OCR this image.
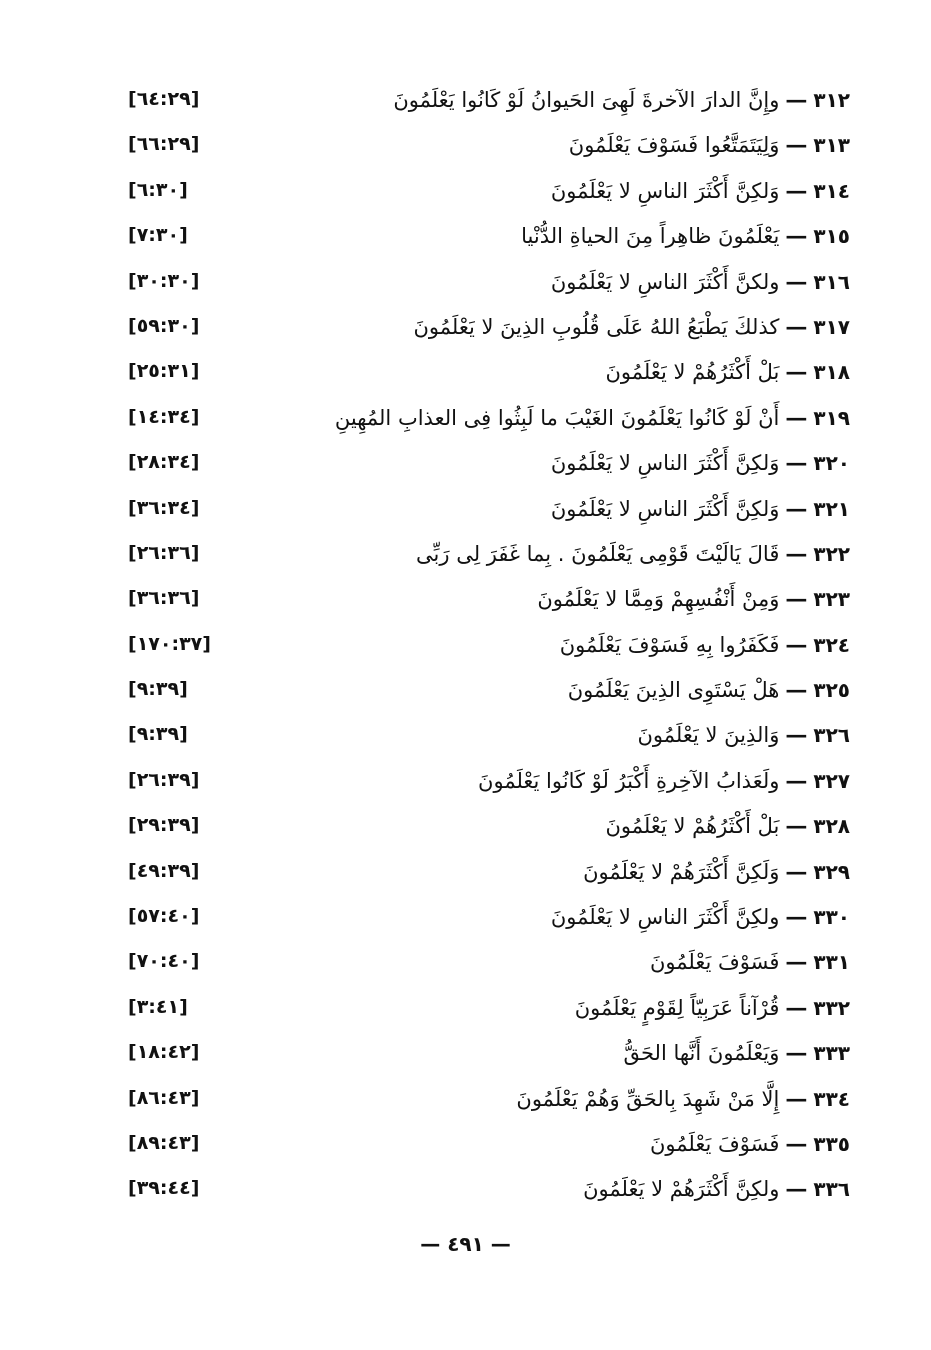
[٦٤:٢٩]	٣١٢—وإِنَّ الدارَ الآخرةَ لَهِىَ الحَيوانُ لَوْ كَانُوا يَعْلَمُونَ
[٦٦:٢٩]	٣١٣—وَلِيَتَمَتَّعُوا فَسَوْفَ يَعْلَمُونَ
[٦:٣٠]	٣١٤—وَلكِنَّ أَكْثَرَ الناسِ لا يَعْلَمُونَ
[٧:٣٠]	٣١٥—يَعْلَمُونَ ظاهِراً مِنَ الحياةِ الدُّنْيا
[٣٠:٣٠]	٣١٦—ولكنَّ أَكْثَرَ الناسِ لا يَعْلَمُونَ
[٥٩:٣٠]	٣١٧—كذلكَ يَطْبَعُ اللهُ عَلَى قُلُوبِ الذِينَ لا يَعْلَمُونَ
[٢٥:٣١]	٣١٨—بَلْ أَكْثَرُهُمْ لا يَعْلَمُونَ
[١٤:٣٤]	٣١٩—أَنْ لَوْ كَانُوا يَعْلَمُونَ الغَيْبَ ما لَبِثُوا فِى العذابِ المُهِينِ
[٢٨:٣٤]	٣٢٠—وَلكِنَّ أَكْثَرَ الناسِ لا يَعْلَمُونَ
[٣٦:٣٤]	٣٢١—وَلكِنَّ أَكْثَرَ الناسِ لا يَعْلَمُونَ
[٢٦:٣٦]	٣٢٢—قَالَ يَالَيْتَ قَوْمِى يَعْلَمُونَ . بِما غَفَرَ لِى رَبِّى
[٣٦:٣٦]	٣٢٣—وَمِنْ أَنْفُسِهِمْ وَمِمَّا لا يَعْلَمُونَ
[١٧٠:٣٧]	٣٢٤—فَكَفَرُوا بِهِ فَسَوْفَ يَعْلَمُونَ
[٩:٣٩]	٣٢٥—هَلْ يَسْتَوِى الذِينَ يَعْلَمُونَ
[٩:٣٩]	٣٢٦—وَالذِينَ لا يَعْلَمُونَ
[٢٦:٣٩]	٣٢٧—ولَعَذابُ الآخِرةِ أَكْبَرُ لَوْ كَانُوا يَعْلَمُونَ
[٢٩:٣٩]	٣٢٨—بَلْ أَكْثَرُهُمْ لا يَعْلَمُونَ
[٤٩:٣٩]	٣٢٩—وَلَكِنَّ أَكْثَرَهُمْ لا يَعْلَمُونَ
[٥٧:٤٠]	٣٣٠—ولكِنَّ أَكْثَرَ الناسِ لا يَعْلَمُونَ
[٧٠:٤٠]	٣٣١—فَسَوْفَ يَعْلَمُونَ
[٣:٤١]	٣٣٢—قُرْآناً عَرَبِيّاً لِقَوْمٍ يَعْلَمُونَ
[١٨:٤٢]	٣٣٣—وَيَعْلَمُونَ أَنَّها الحَقُّ
[٨٦:٤٣]	٣٣٤—إِلَّا مَنْ شَهِدَ بِالحَقِّ وَهُمْ يَعْلَمُونَ
[٨٩:٤٣]	٣٣٥—فَسَوْفَ يَعْلَمُونَ
[٣٩:٤٤]	٣٣٦—ولكِنَّ أَكْثَرَهُمْ لا يَعْلَمُونَ
— ٤٩١ —
